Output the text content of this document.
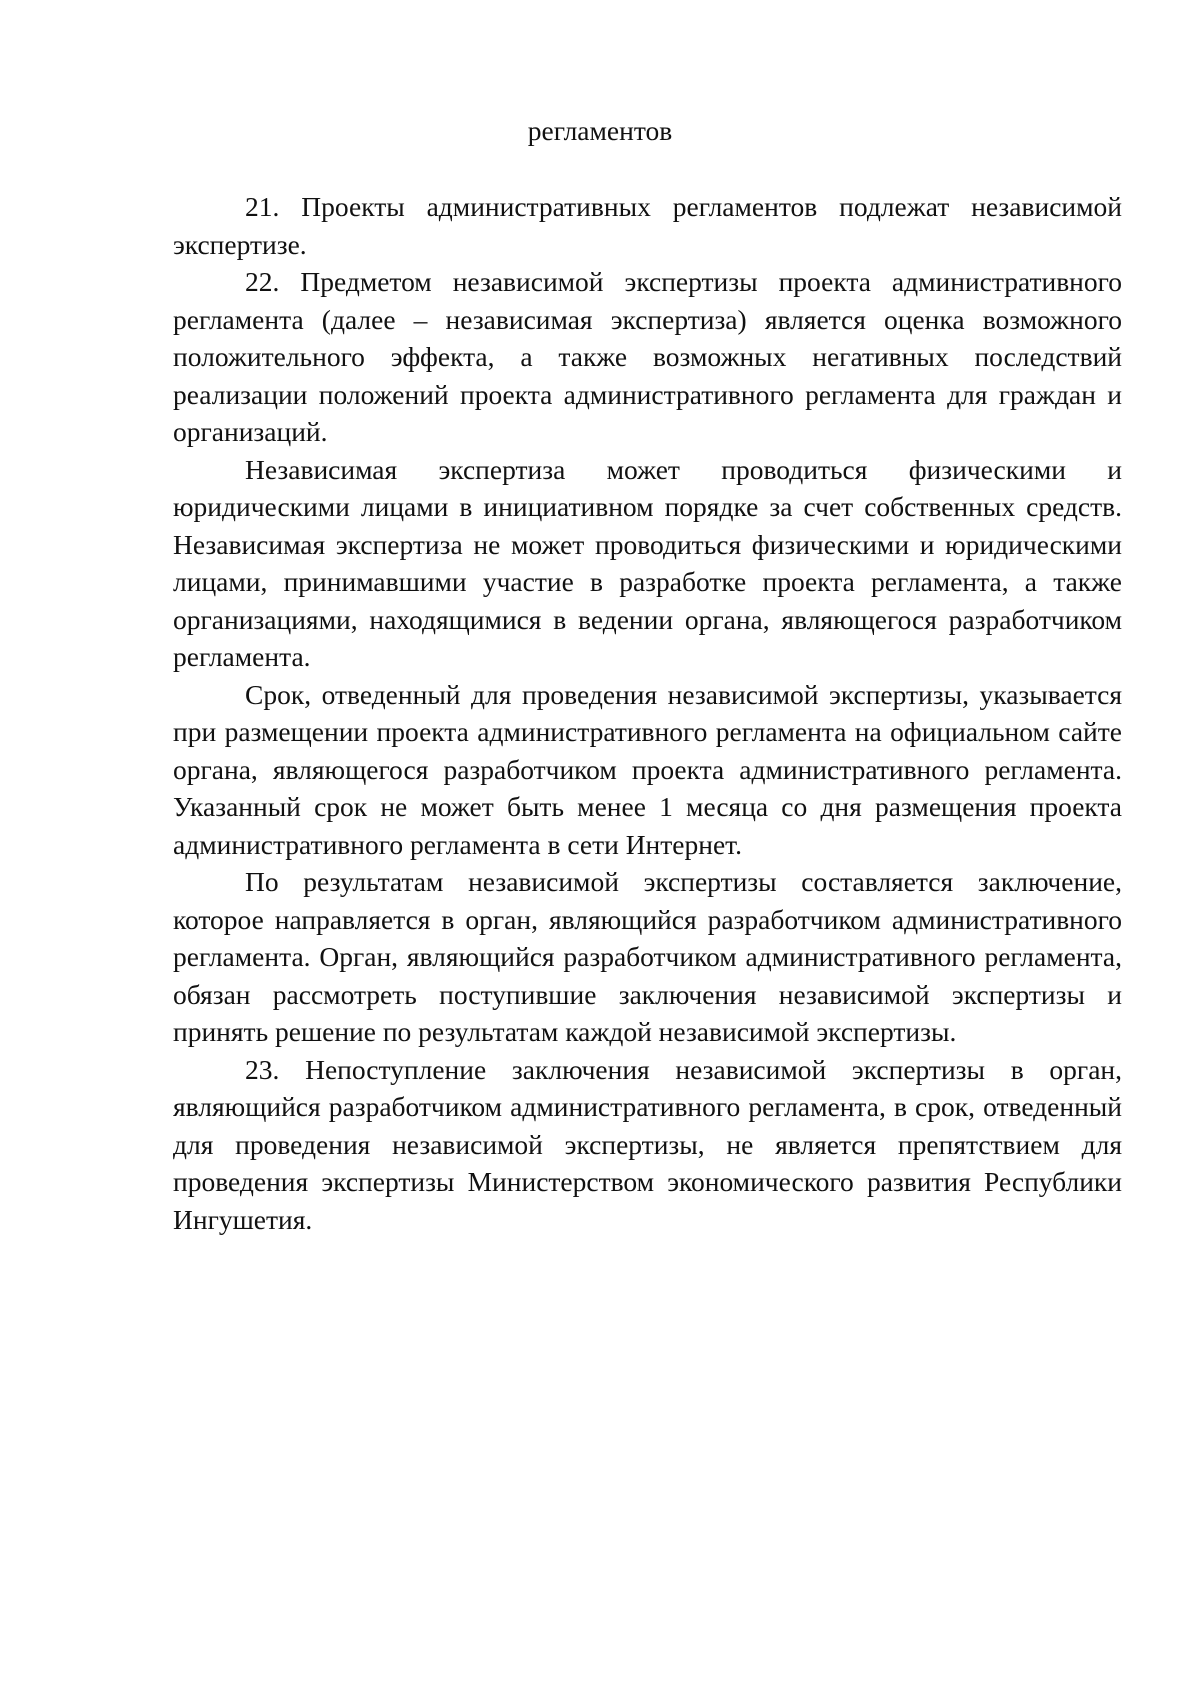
регламентов

21. Проекты административных регламентов подлежат независимой экспертизе.

22. Предметом независимой экспертизы проекта административного регламента (далее – независимая экспертиза) является оценка возможного положительного эффекта, а также возможных негативных последствий реализации положений проекта административного регламента для граждан и организаций.

Независимая экспертиза может проводиться физическими и юридическими лицами в инициативном порядке за счет собственных средств. Независимая экспертиза не может проводиться физическими и юридическими лицами, принимавшими участие в разработке проекта регламента, а также организациями, находящимися в ведении органа, являющегося разработчиком регламента.

Срок, отведенный для проведения независимой экспертизы, указывается при размещении проекта административного регламента на официальном сайте органа, являющегося разработчиком проекта административного регламента. Указанный срок не может быть менее 1 месяца со дня размещения проекта административного регламента в сети Интернет.

По результатам независимой экспертизы составляется заключение, которое направляется в орган, являющийся разработчиком административного регламента. Орган, являющийся разработчиком административного регламента, обязан рассмотреть поступившие заключения независимой экспертизы и принять решение по результатам каждой независимой экспертизы.

23. Непоступление заключения независимой экспертизы в орган, являющийся разработчиком административного регламента, в срок, отведенный для проведения независимой экспертизы, не является препятствием для проведения экспертизы Министерством экономического развития Республики Ингушетия.
